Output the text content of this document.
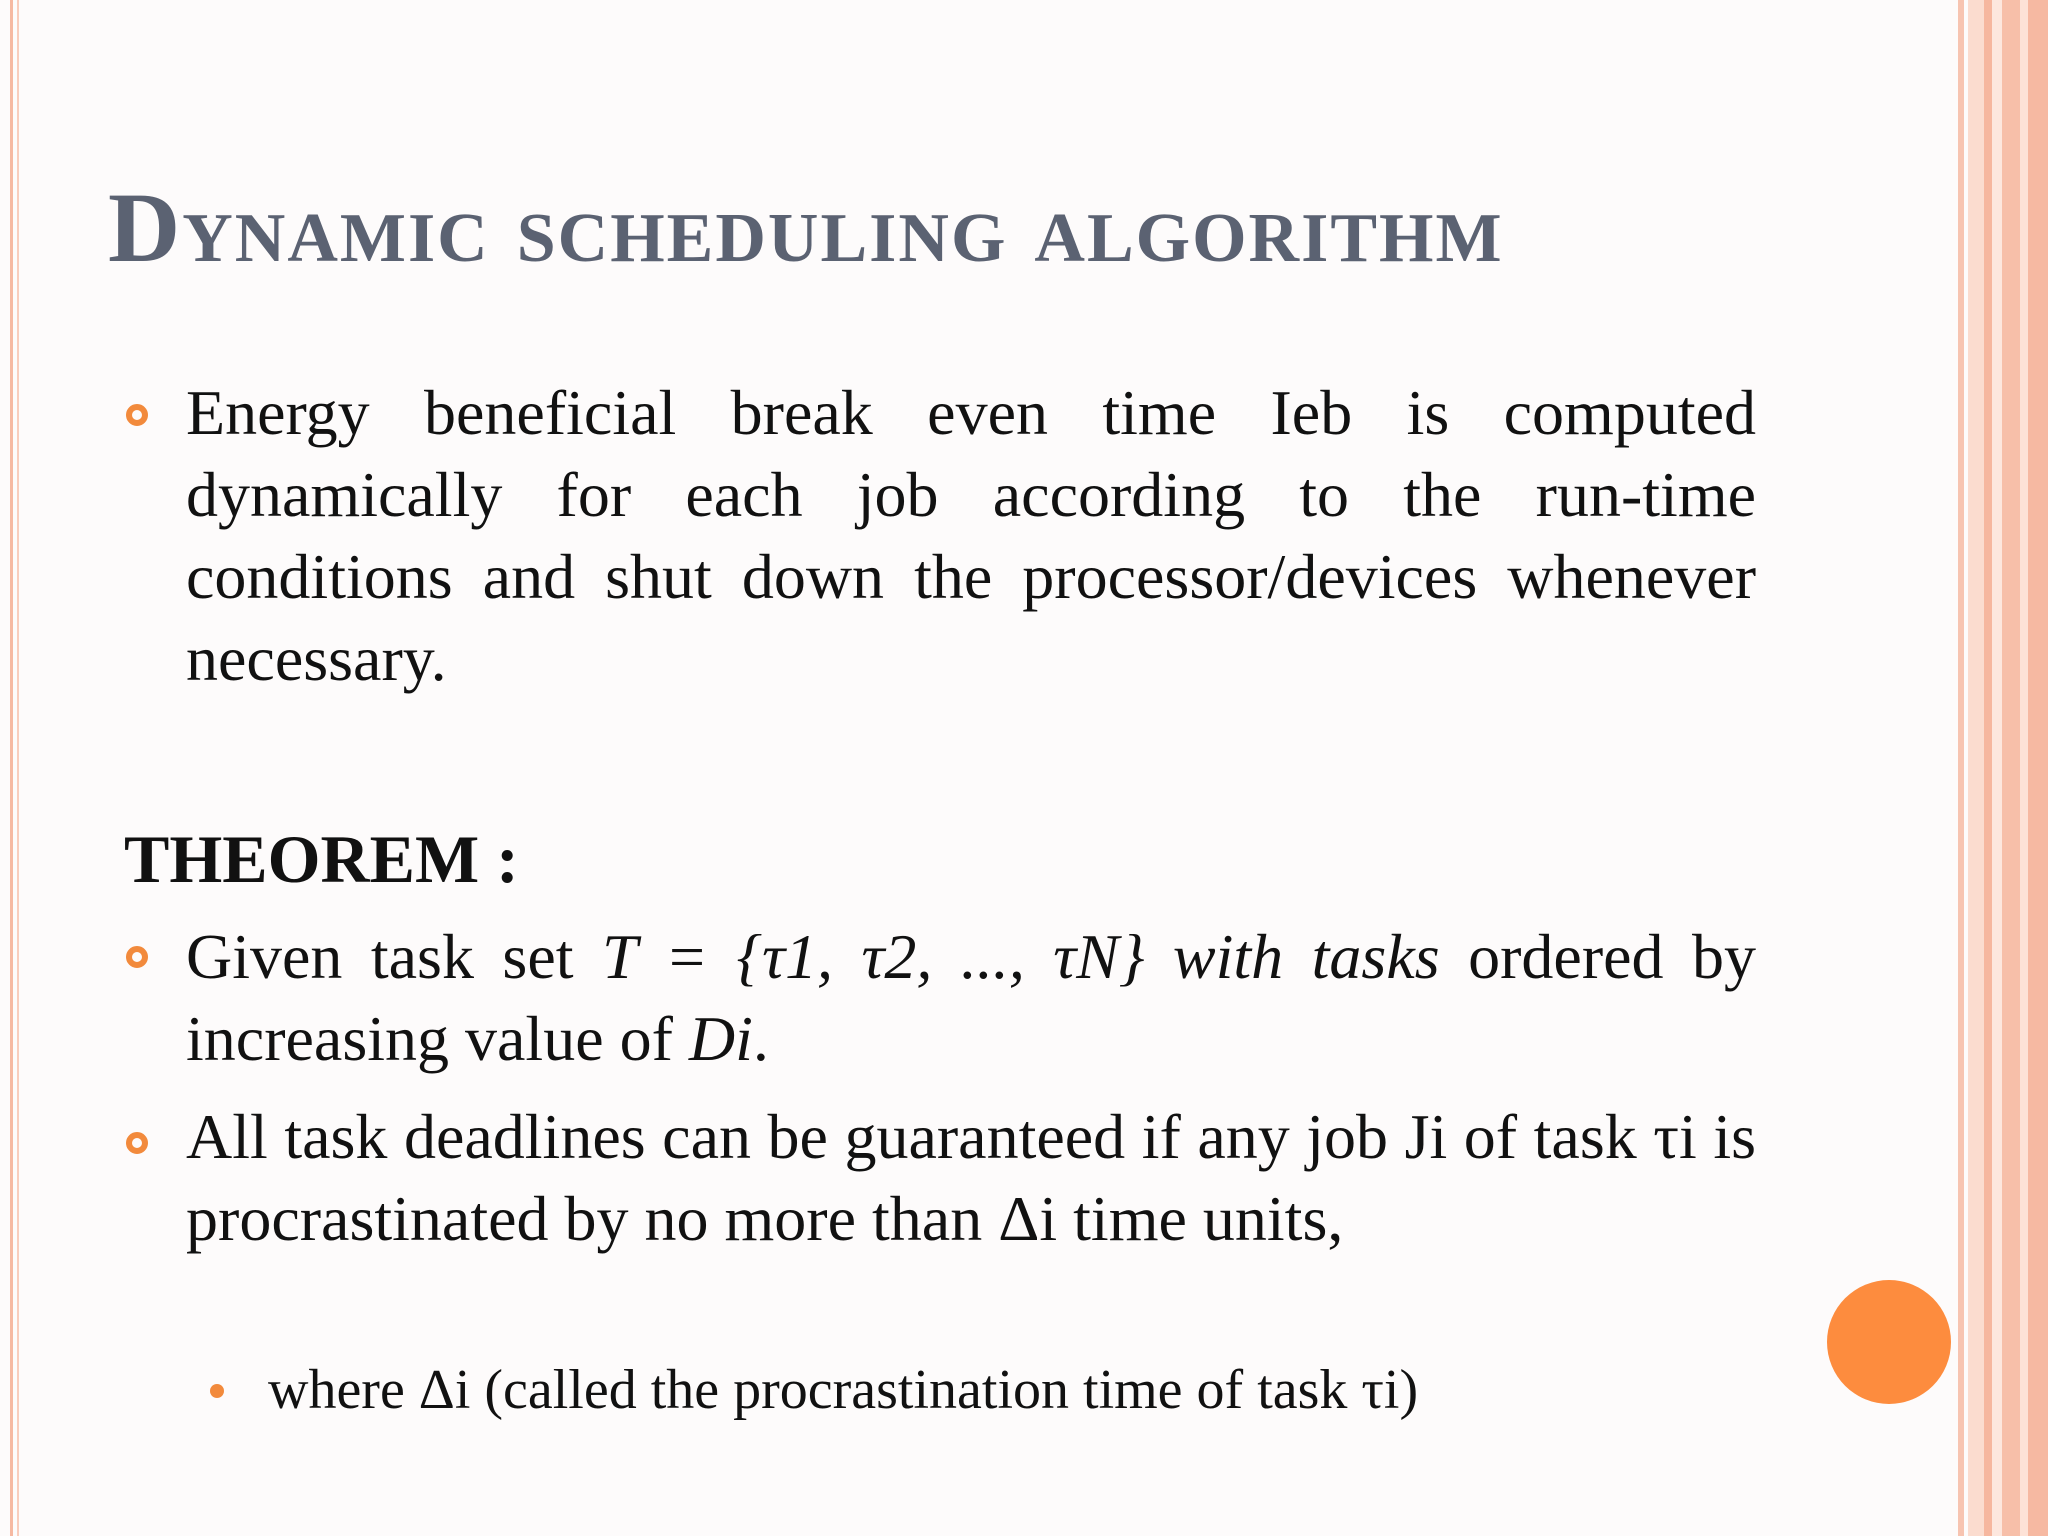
Dynamic scheduling algorithm
Energy beneficial break even time Ieb is computed dynamically for each job according to the run-time conditions and shut down the processor/devices whenever necessary.
THEOREM :
Given task set T = {τ1, τ2, ..., τN} with tasks ordered by increasing value of Di.
All task deadlines can be guaranteed if any job Ji of task τi is procrastinated by no more than Δi time units,
where Δi (called the procrastination time of task τi)
